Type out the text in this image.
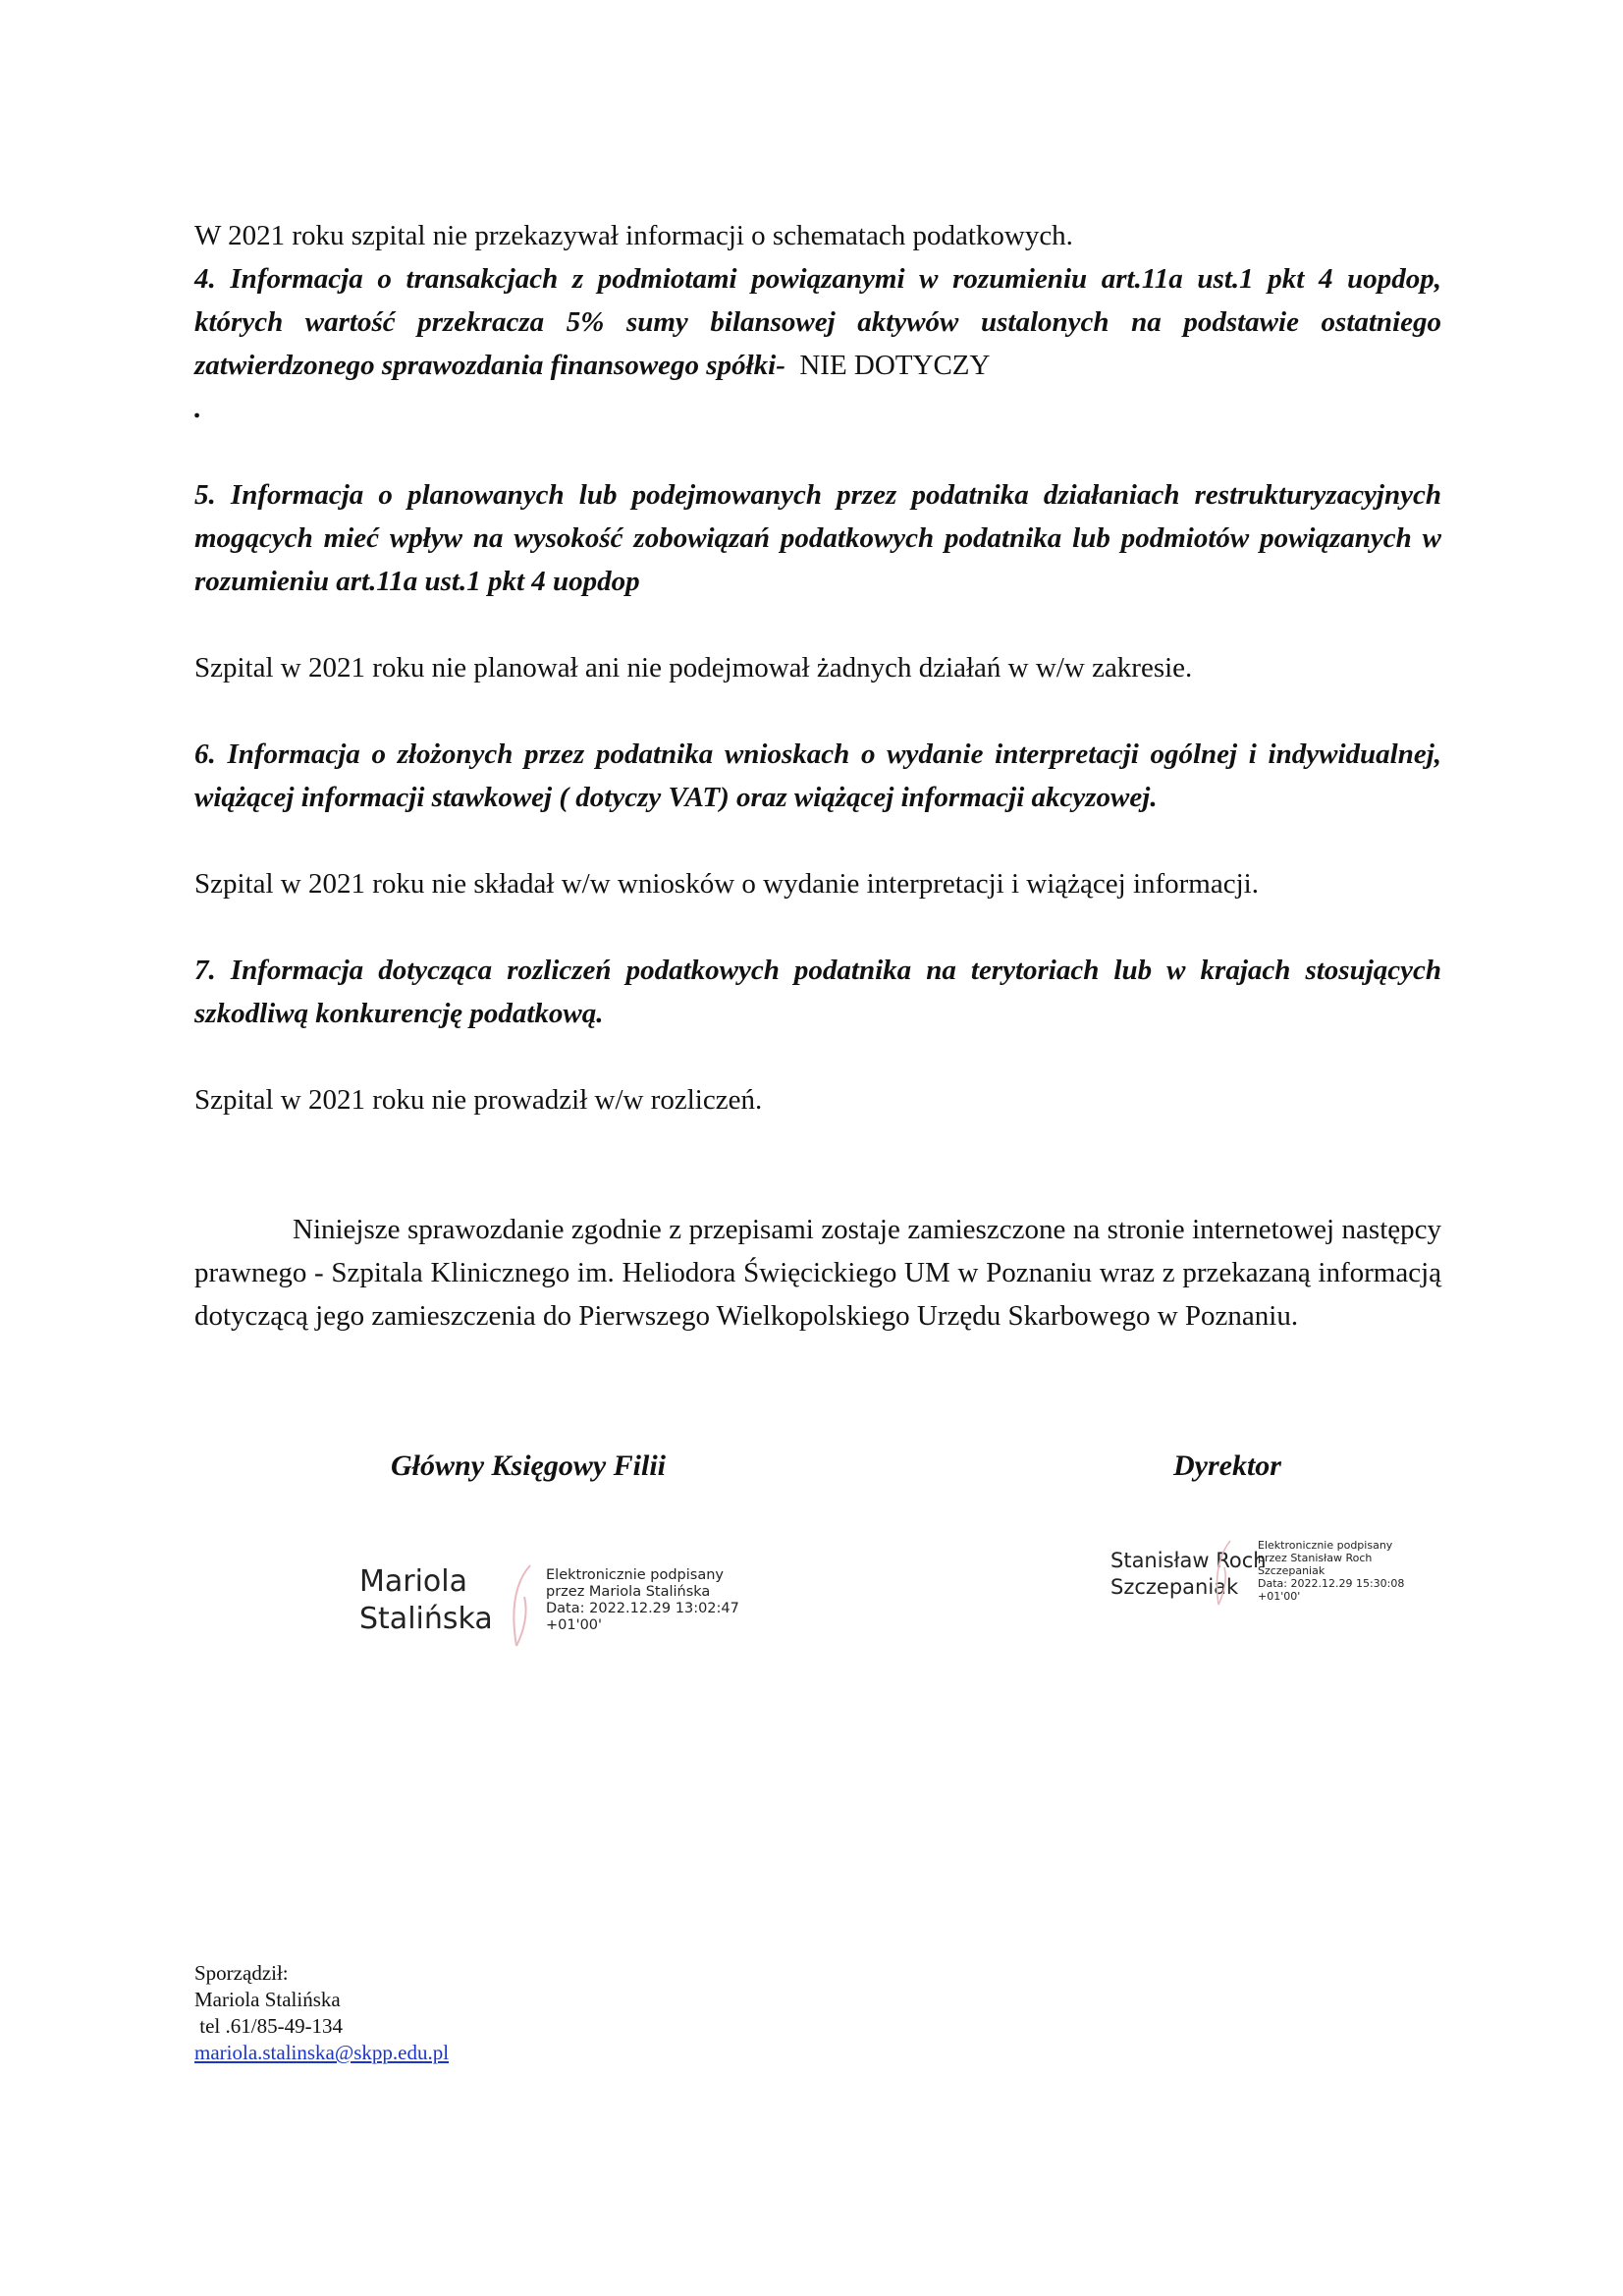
W 2021 roku szpital nie przekazywał informacji o schematach podatkowych.

4. Informacja o transakcjach z podmiotami powiązanymi w rozumieniu art.11a ust.1 pkt 4 uopdop, których wartość przekracza 5% sumy bilansowej aktywów ustalonych na podstawie ostatniego zatwierdzonego sprawozdania finansowego spółki- NIE DOTYCZY

.

5. Informacja o planowanych lub podejmowanych przez podatnika działaniach restrukturyzacyjnych mogących mieć wpływ na wysokość zobowiązań podatkowych podatnika lub podmiotów powiązanych w rozumieniu art.11a ust.1 pkt 4 uopdop

Szpital w 2021 roku nie planował ani nie podejmował żadnych działań w w/w zakresie.

6. Informacja o złożonych przez podatnika wnioskach o wydanie interpretacji ogólnej i indywidualnej, wiążącej informacji stawkowej ( dotyczy VAT) oraz wiążącej informacji akcyzowej.

Szpital w 2021 roku nie składał w/w wniosków o wydanie interpretacji i wiążącej informacji.

7. Informacja dotycząca rozliczeń podatkowych podatnika na terytoriach lub w krajach stosujących szkodliwą konkurencję podatkową.

Szpital w 2021 roku nie prowadził w/w rozliczeń.

Niniejsze sprawozdanie zgodnie z przepisami zostaje zamieszczone na stronie internetowej następcy prawnego - Szpitala Klinicznego im. Heliodora Święcickiego UM w Poznaniu wraz z przekazaną informacją dotyczącą jego zamieszczenia do Pierwszego Wielkopolskiego Urzędu Skarbowego w Poznaniu.

Główny Księgowy Filii	Dyrektor
Mariola
Stalińska
Elektronicznie podpisany
przez Mariola Stalińska
Data: 2022.12.29 13:02:47
+01'00'
Stanisław Roch
Szczepaniak
Elektronicznie podpisany
przez Stanisław Roch
Szczepaniak
Data: 2022.12.29 15:30:08
+01'00'
Sporządził:
Mariola Stalińska
tel .61/85-49-134
mariola.stalinska@skpp.edu.pl
